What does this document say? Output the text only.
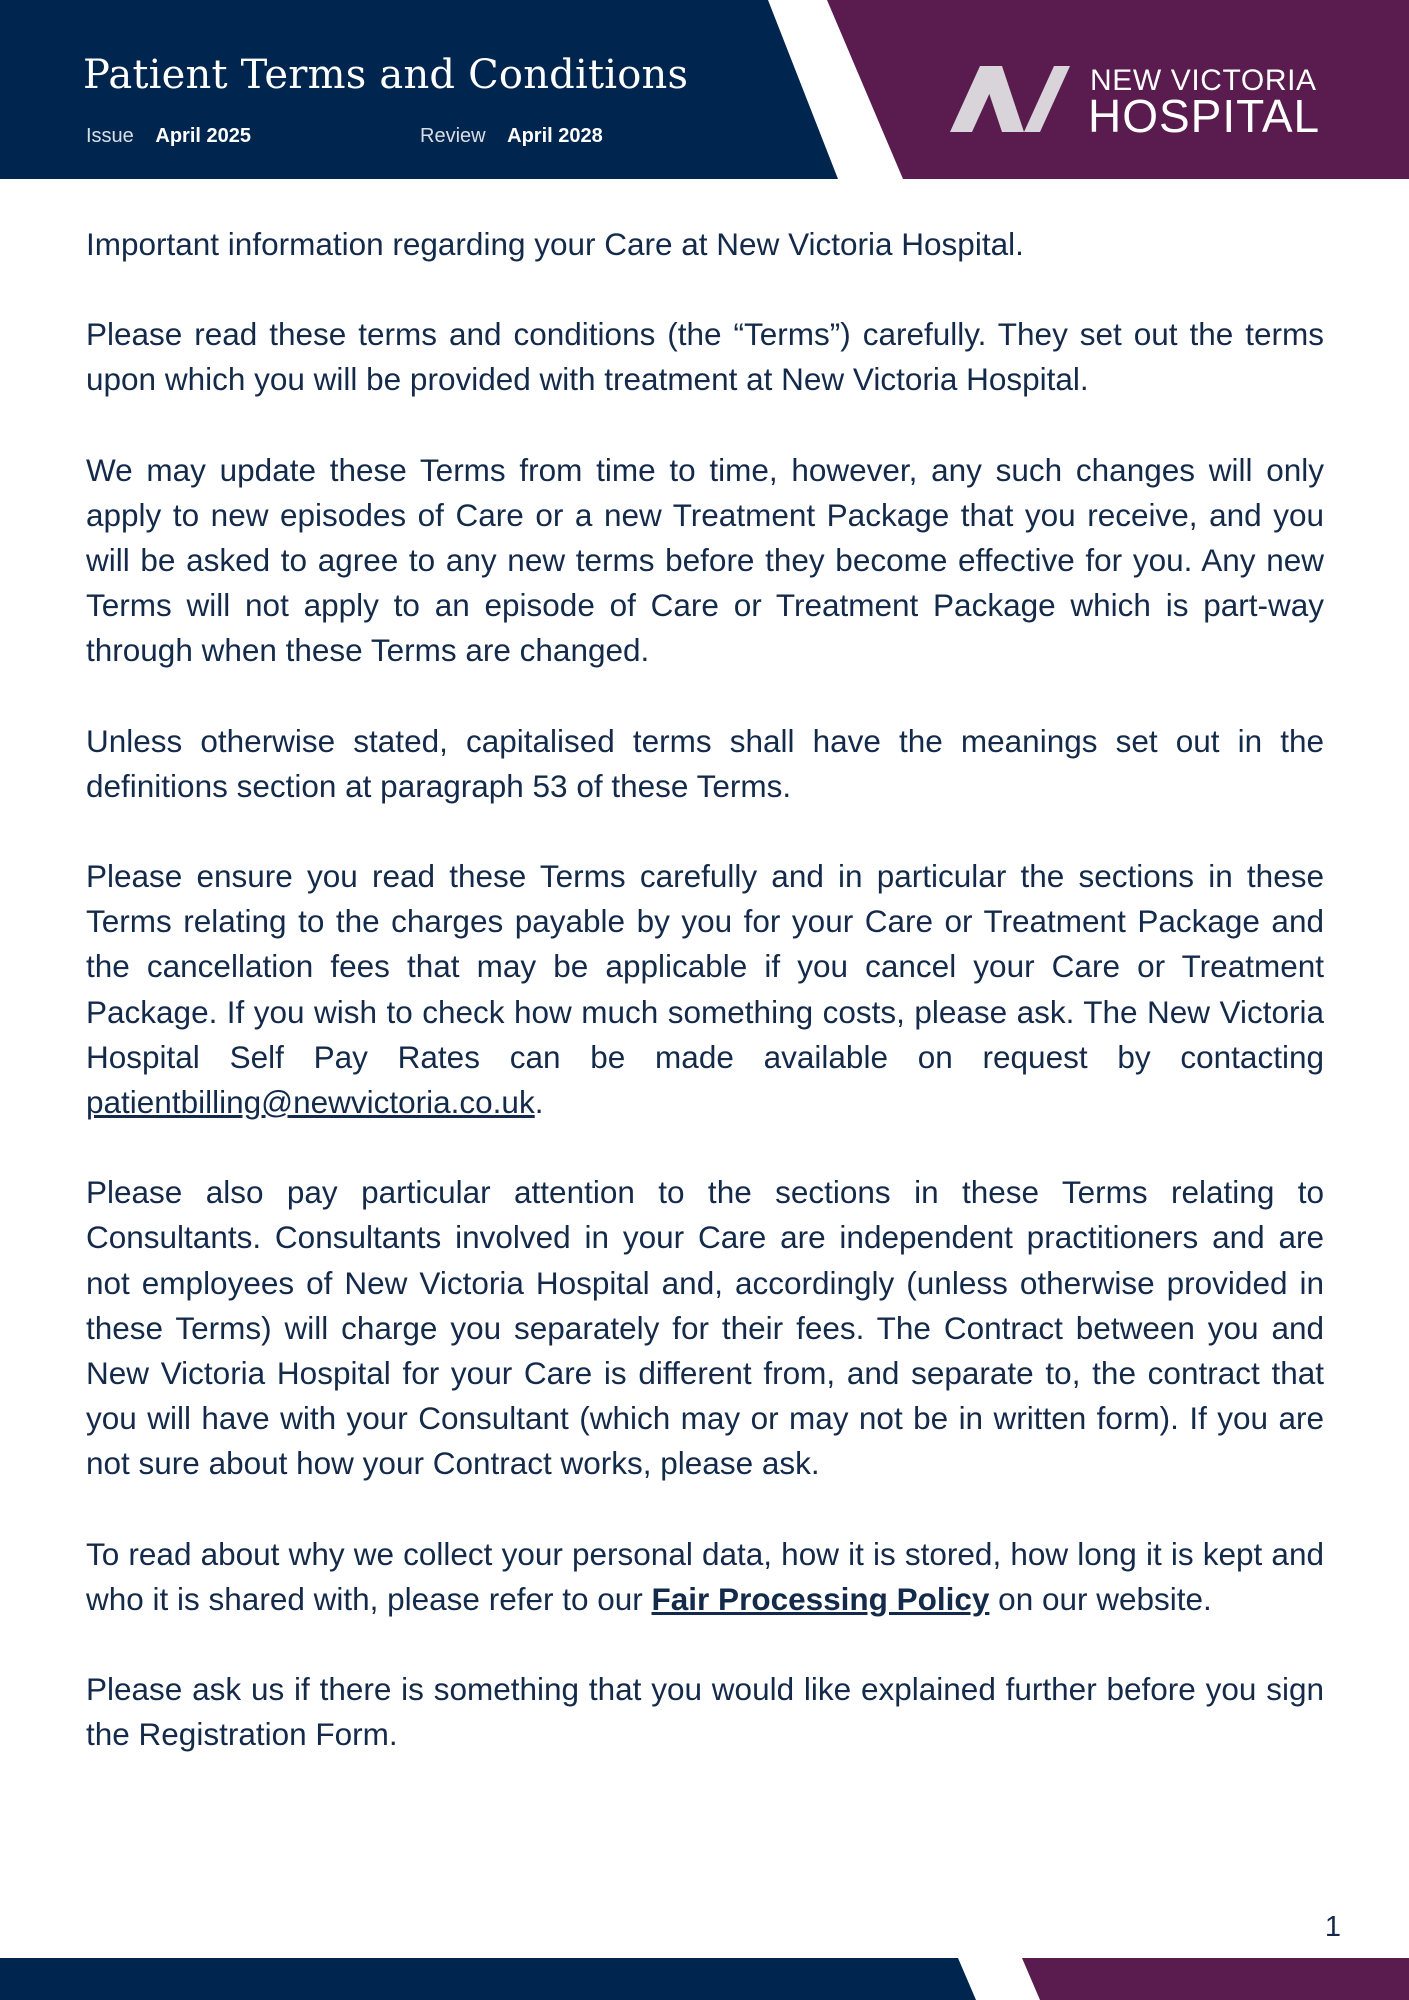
Patient Terms and Conditions
Issue April 2025	Review April 2028
NEW VICTORIA
HOSPITAL

Important information regarding your Care at New Victoria Hospital.

Please read these terms and conditions (the “Terms”) carefully. They set out the terms upon which you will be provided with treatment at New Victoria Hospital.

We may update these Terms from time to time, however, any such changes will only apply to new episodes of Care or a new Treatment Package that you receive, and you will be asked to agree to any new terms before they become effective for you. Any new Terms will not apply to an episode of Care or Treatment Package which is part-way through when these Terms are changed.

Unless otherwise stated, capitalised terms shall have the meanings set out in the definitions section at paragraph 53 of these Terms.

Please ensure you read these Terms carefully and in particular the sections in these Terms relating to the charges payable by you for your Care or Treatment Package and the cancellation fees that may be applicable if you cancel your Care or Treatment Package. If you wish to check how much something costs, please ask. The New Victoria Hospital Self Pay Rates can be made available on request by contacting patientbilling@newvictoria.co.uk.

Please also pay particular attention to the sections in these Terms relating to Consultants. Consultants involved in your Care are independent practitioners and are not employees of New Victoria Hospital and, accordingly (unless otherwise provided in these Terms) will charge you separately for their fees. The Contract between you and New Victoria Hospital for your Care is different from, and separate to, the contract that you will have with your Consultant (which may or may not be in written form). If you are not sure about how your Contract works, please ask.

To read about why we collect your personal data, how it is stored, how long it is kept and who it is shared with, please refer to our Fair Processing Policy on our website.

Please ask us if there is something that you would like explained further before you sign the Registration Form.

1
